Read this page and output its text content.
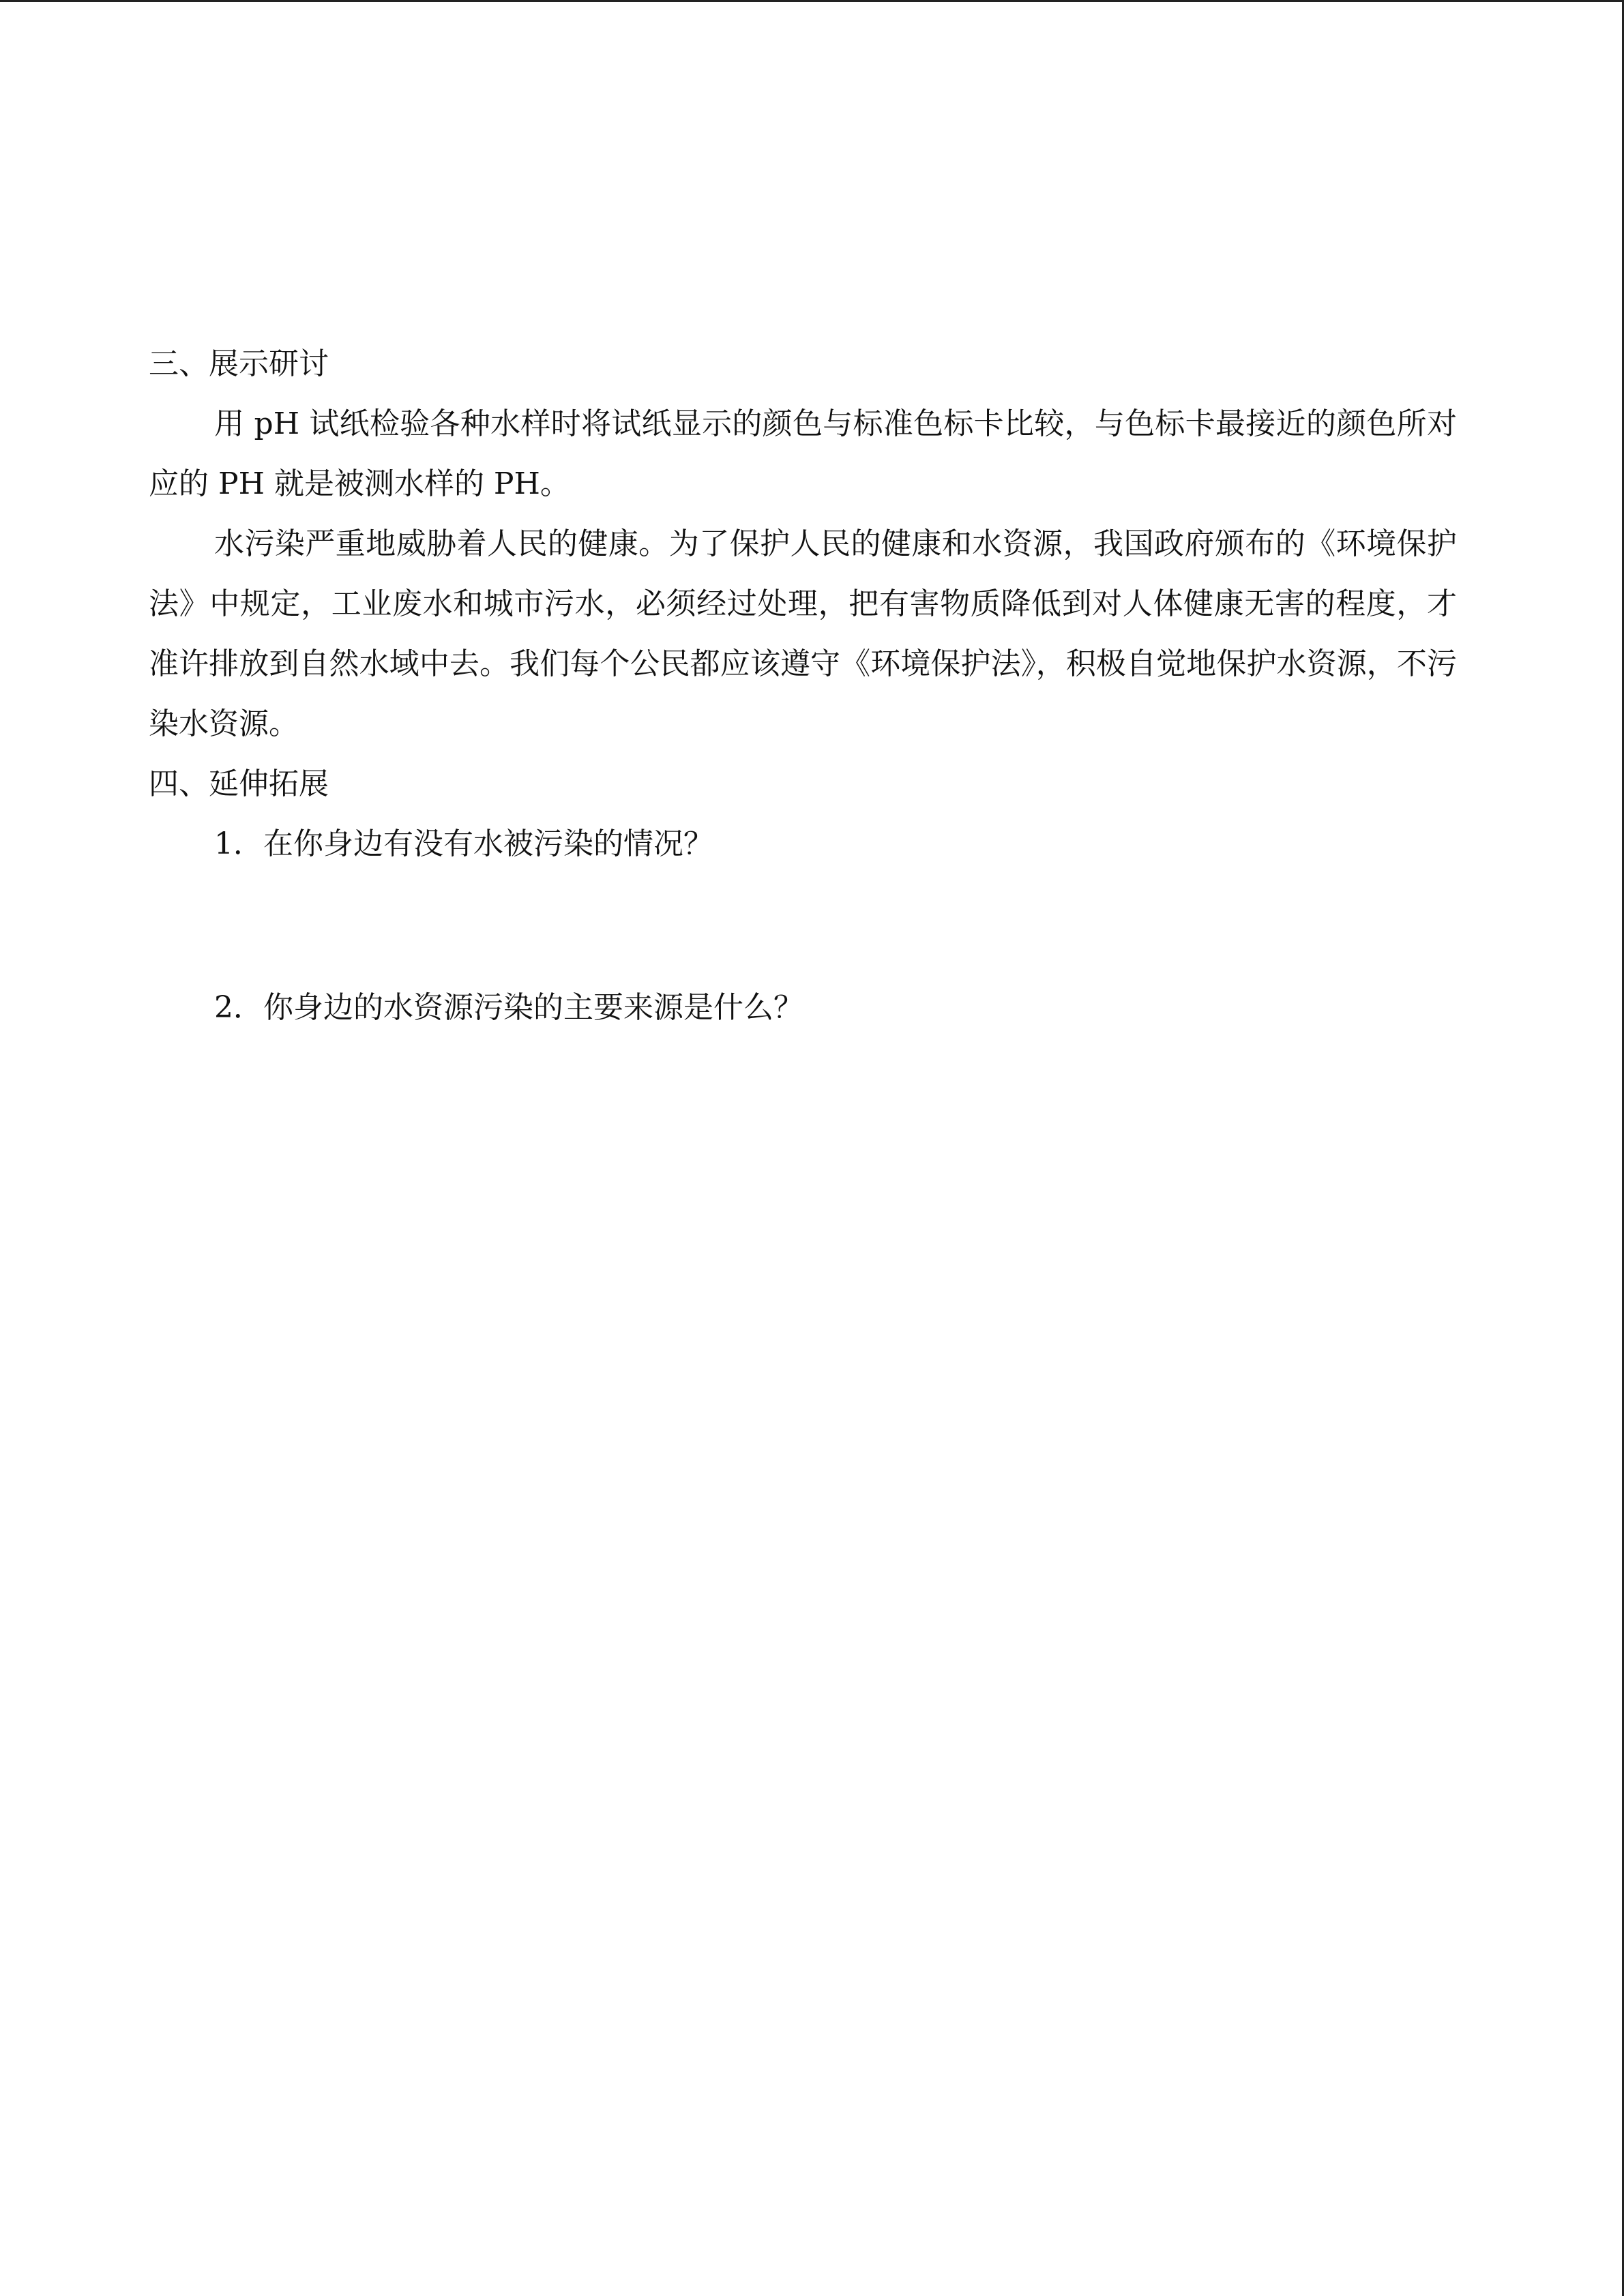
三、展示研讨

用 pH 试纸检验各种水样时将试纸显示的颜色与标准色标卡比较，与色标卡最接近的颜色所对应的 PH 就是被测水样的 PH。

水污染严重地威胁着人民的健康。为了保护人民的健康和水资源，我国政府颁布的《环境保护法》中规定，工业废水和城市污水，必须经过处理，把有害物质降低到对人体健康无害的程度，才准许排放到自然水域中去。我们每个公民都应该遵守《环境保护法》，积极自觉地保护水资源，不污染水资源。

四、延伸拓展

1．在你身边有没有水被污染的情况？

2．你身边的水资源污染的主要来源是什么？
